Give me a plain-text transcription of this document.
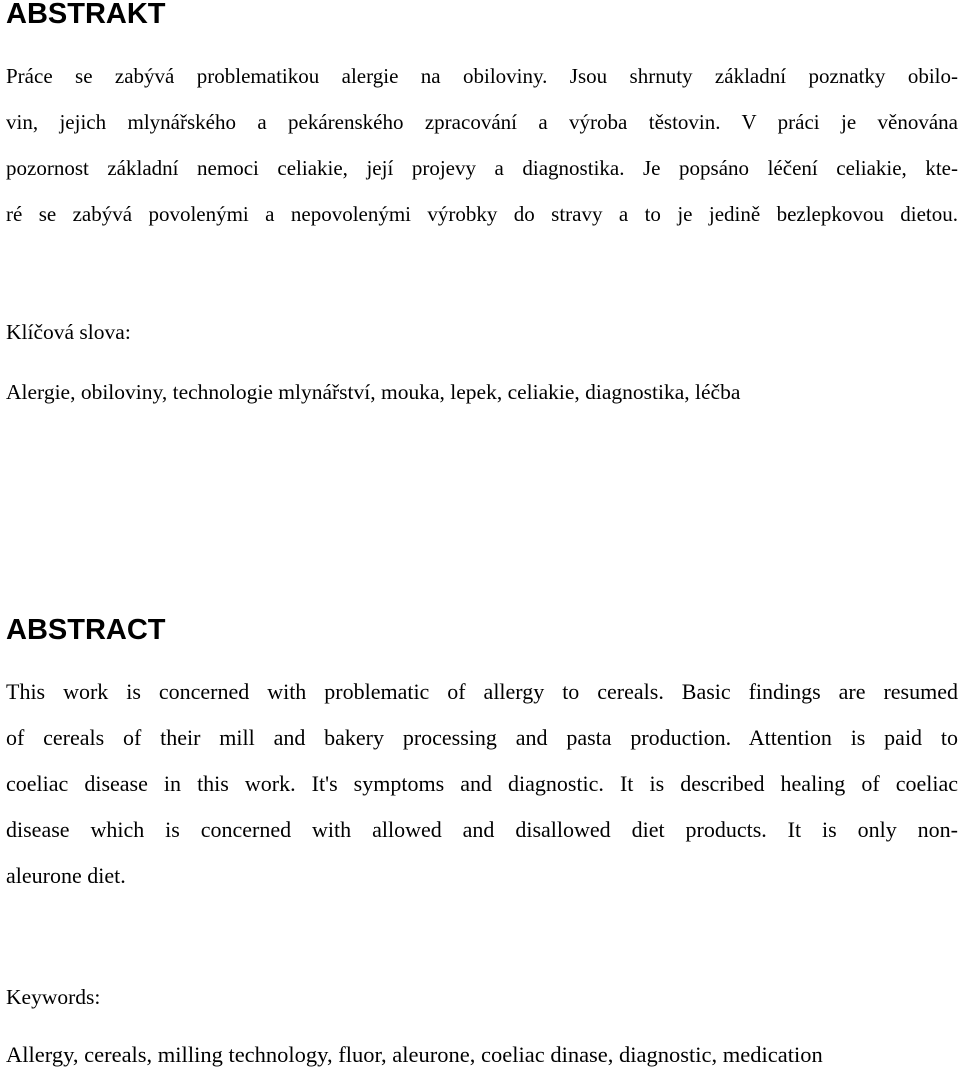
ABSTRAKT
Práce se zabývá problematikou alergie na obiloviny. Jsou shrnuty základní poznatky obilo-
vin, jejich mlynářského a pekárenského zpracování a výroba těstovin. V práci je věnována
pozornost základní nemoci celiakie, její projevy a diagnostika. Je popsáno léčení celiakie, kte-
ré se zabývá povolenými a nepovolenými výrobky do stravy a to je jedině bezlepkovou dietou.
Klíčová slova:
Alergie, obiloviny, technologie mlynářství, mouka, lepek, celiakie, diagnostika, léčba
ABSTRACT
This work is concerned with problematic of allergy to cereals. Basic findings are resumed
of cereals of their mill and bakery processing and pasta production. Attention is paid to
coeliac disease in this work. It's symptoms and diagnostic. It is described healing of coeliac
disease which is concerned with allowed and disallowed diet products. It is only non-
aleurone diet.
Keywords:
Allergy, cereals, milling technology, fluor, aleurone, coeliac dinase, diagnostic, medication
